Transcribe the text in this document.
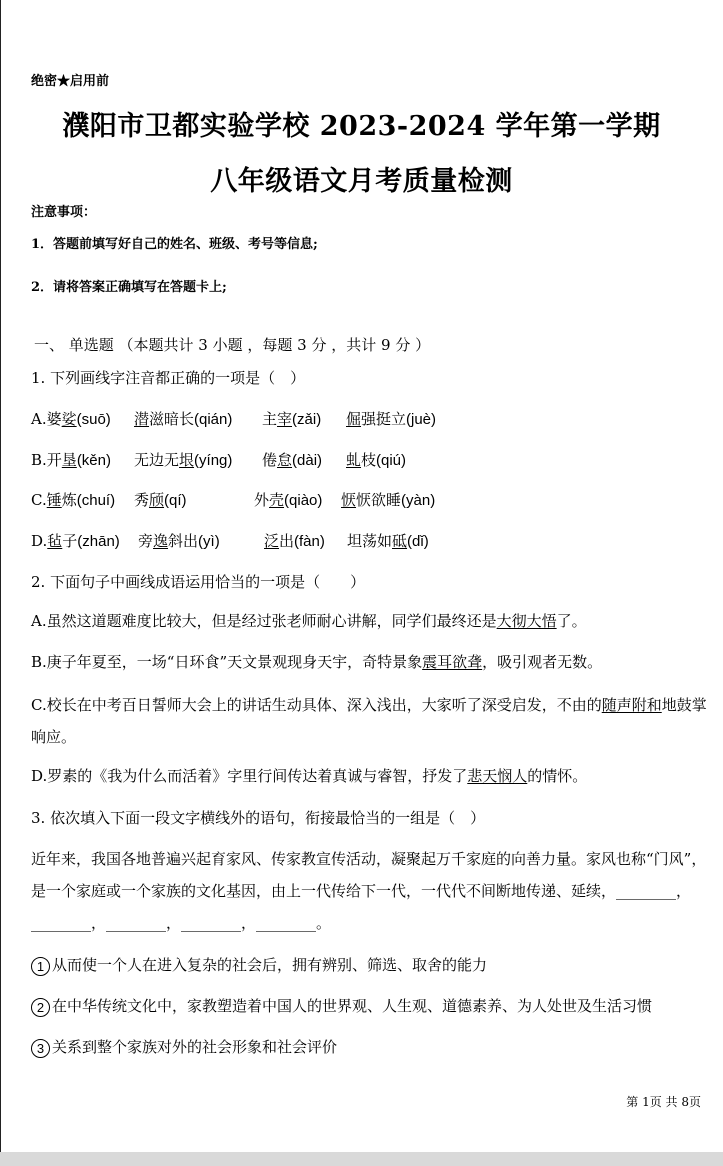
绝密★启用前
濮阳市卫都实验学校 2023-2024 学年第一学期
八年级语文月考质量检测
注意事项：
1．答题前填写好自己的姓名、班级、考号等信息;
2．请将答案正确填写在答题卡上;
一、 单选题 （本题共计 3 小题 ，每题 3 分 ，共计 9 分 ）
1. 下列画线字注音都正确的一项是（　）
A.婆娑(suō) 潜滋暗长(qián) 主宰(zǎi) 倔强挺立(juè)
B.开垦(kěn) 无边无垠(yíng) 倦怠(dài) 虬枝(qiú)
C.锤炼(chuí) 秀颀(qí)	外壳(qiào) 恹恹欲睡(yàn)
D.毡子(zhān) 旁逸斜出(yì)	泛出(fàn) 坦荡如砥(dǐ)
2. 下面句子中画线成语运用恰当的一项是（　　）
A.虽然这道题难度比较大，但是经过张老师耐心讲解，同学们最终还是大彻大悟了。
B.庚子年夏至，一场“日环食”天文景观现身天宇，奇特景象震耳欲聋，吸引观者无数。
C.校长在中考百日誓师大会上的讲话生动具体、深入浅出，大家听了深受启发，不由的随声附和地鼓掌响应。
D.罗素的《我为什么而活着》字里行间传达着真诚与睿智，抒发了悲天悯人的情怀。
3. 依次填入下面一段文字横线外的语句，衔接最恰当的一组是（　）
近年来，我国各地普遍兴起育家风、传家教宣传活动，凝聚起万千家庭的向善力量。家风也称“门风”，是一个家庭或一个家族的文化基因，由上一代传给下一代，一代代不间断地传递、延续，________，________，________，________，________。
1 从而使一个人在进入复杂的社会后，拥有辨别、筛选、取舍的能力
2 在中华传统文化中，家教塑造着中国人的世界观、人生观、道德素养、为人处世及生活习惯
3 关系到整个家族对外的社会形象和社会评价
第 1页 共 8页
